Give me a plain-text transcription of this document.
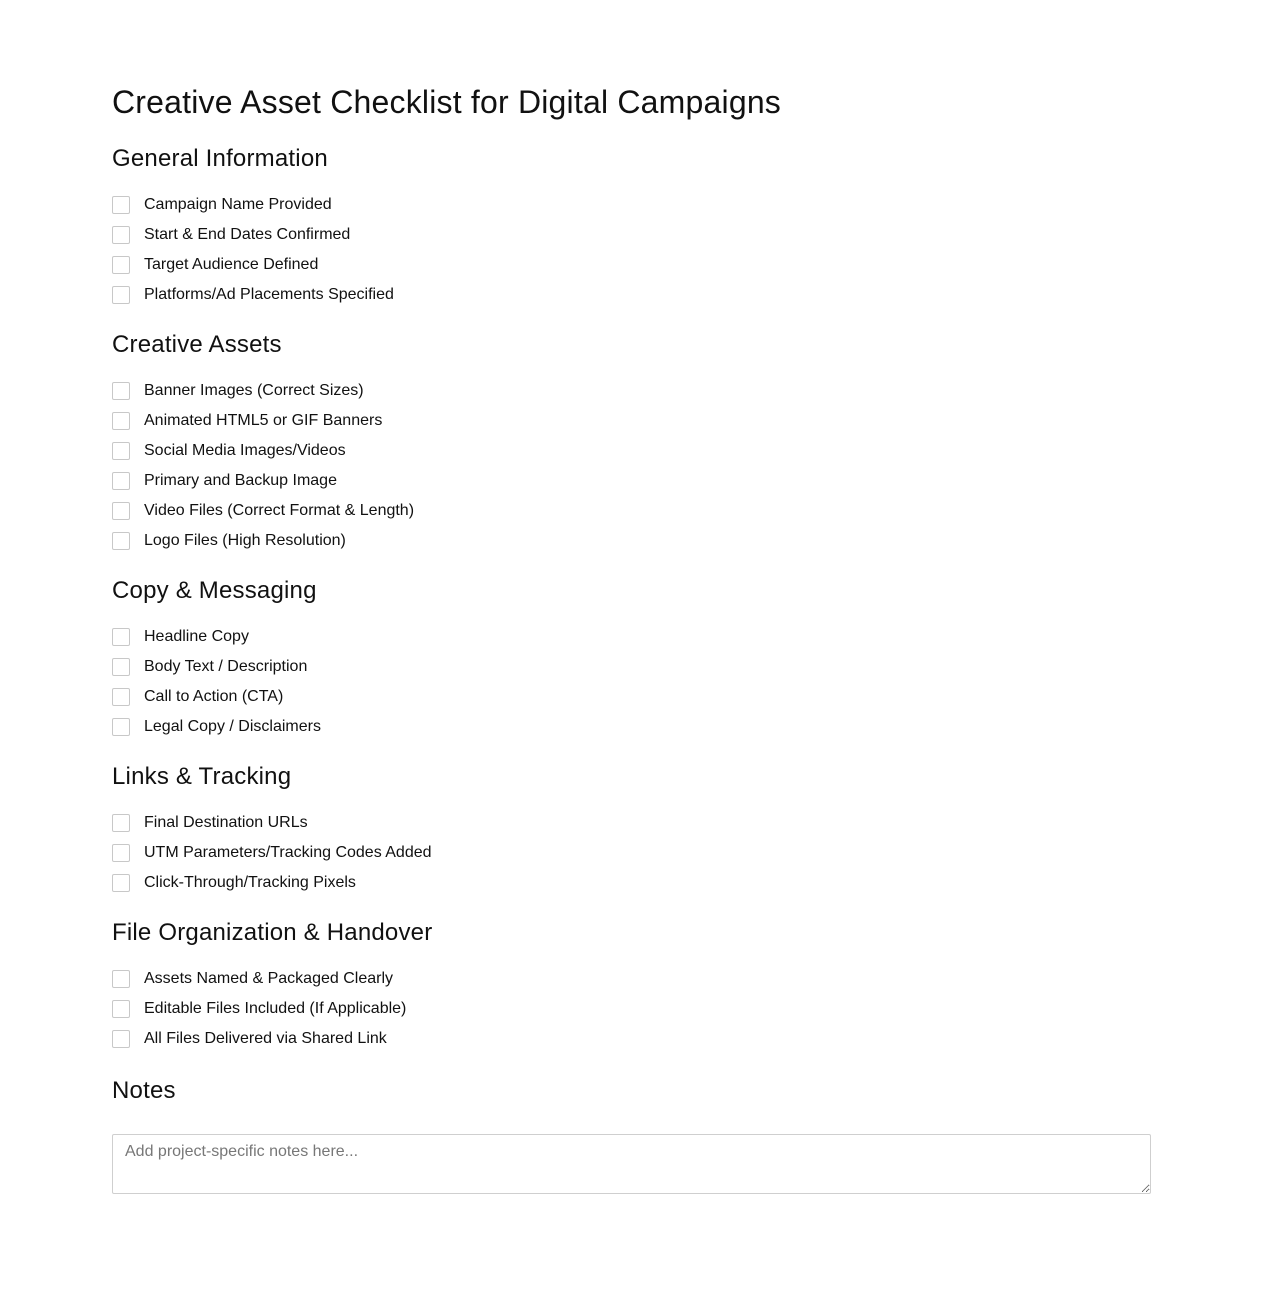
Creative Asset Checklist for Digital Campaigns
General Information
Campaign Name Provided
Start & End Dates Confirmed
Target Audience Defined
Platforms/Ad Placements Specified
Creative Assets
Banner Images (Correct Sizes)
Animated HTML5 or GIF Banners
Social Media Images/Videos
Primary and Backup Image
Video Files (Correct Format & Length)
Logo Files (High Resolution)
Copy & Messaging
Headline Copy
Body Text / Description
Call to Action (CTA)
Legal Copy / Disclaimers
Links & Tracking
Final Destination URLs
UTM Parameters/Tracking Codes Added
Click-Through/Tracking Pixels
File Organization & Handover
Assets Named & Packaged Clearly
Editable Files Included (If Applicable)
All Files Delivered via Shared Link
Notes
Add project-specific notes here...
